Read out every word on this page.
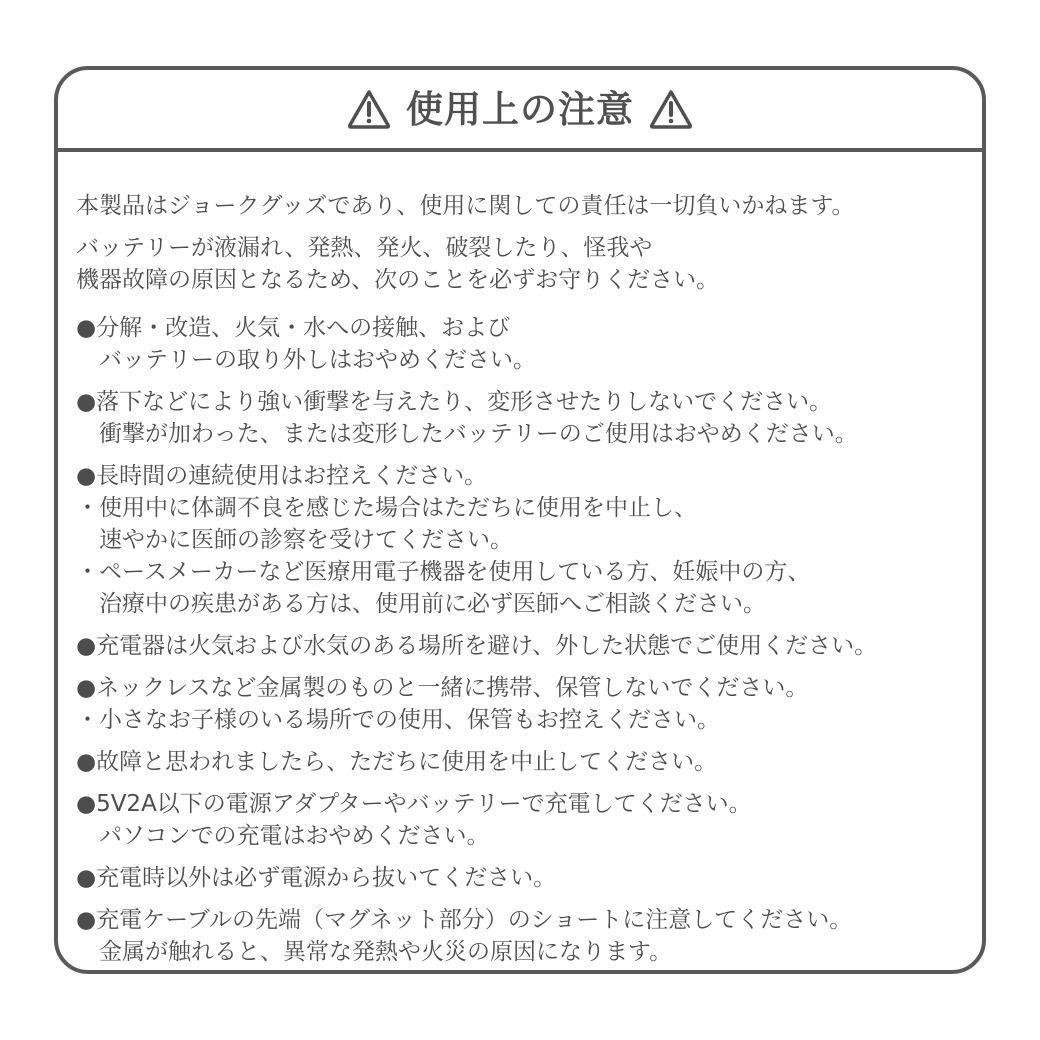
使用上の注意
本製品はジョークグッズであり、使用に関しての責任は一切負いかねます。
バッテリーが液漏れ、発熱、発火、破裂したり、怪我や
機器故障の原因となるため、次のことを必ずお守りください。
●分解・改造、火気・水への接触、および
　バッテリーの取り外しはおやめください。
●落下などにより強い衝撃を与えたり、変形させたりしないでください。
　衝撃が加わった、または変形したバッテリーのご使用はおやめください。
●長時間の連続使用はお控えください。
・使用中に体調不良を感じた場合はただちに使用を中止し、
　速やかに医師の診察を受けてください。
・ペースメーカーなど医療用電子機器を使用している方、妊娠中の方、
　治療中の疾患がある方は、使用前に必ず医師へご相談ください。
●充電器は火気および水気のある場所を避け、外した状態でご使用ください。
●ネックレスなど金属製のものと一緒に携帯、保管しないでください。
・小さなお子様のいる場所での使用、保管もお控えください。
●故障と思われましたら、ただちに使用を中止してください。
●5V2A以下の電源アダプターやバッテリーで充電してください。
　パソコンでの充電はおやめください。
●充電時以外は必ず電源から抜いてください。
●充電ケーブルの先端（マグネット部分）のショートに注意してください。
　金属が触れると、異常な発熱や火災の原因になります。
